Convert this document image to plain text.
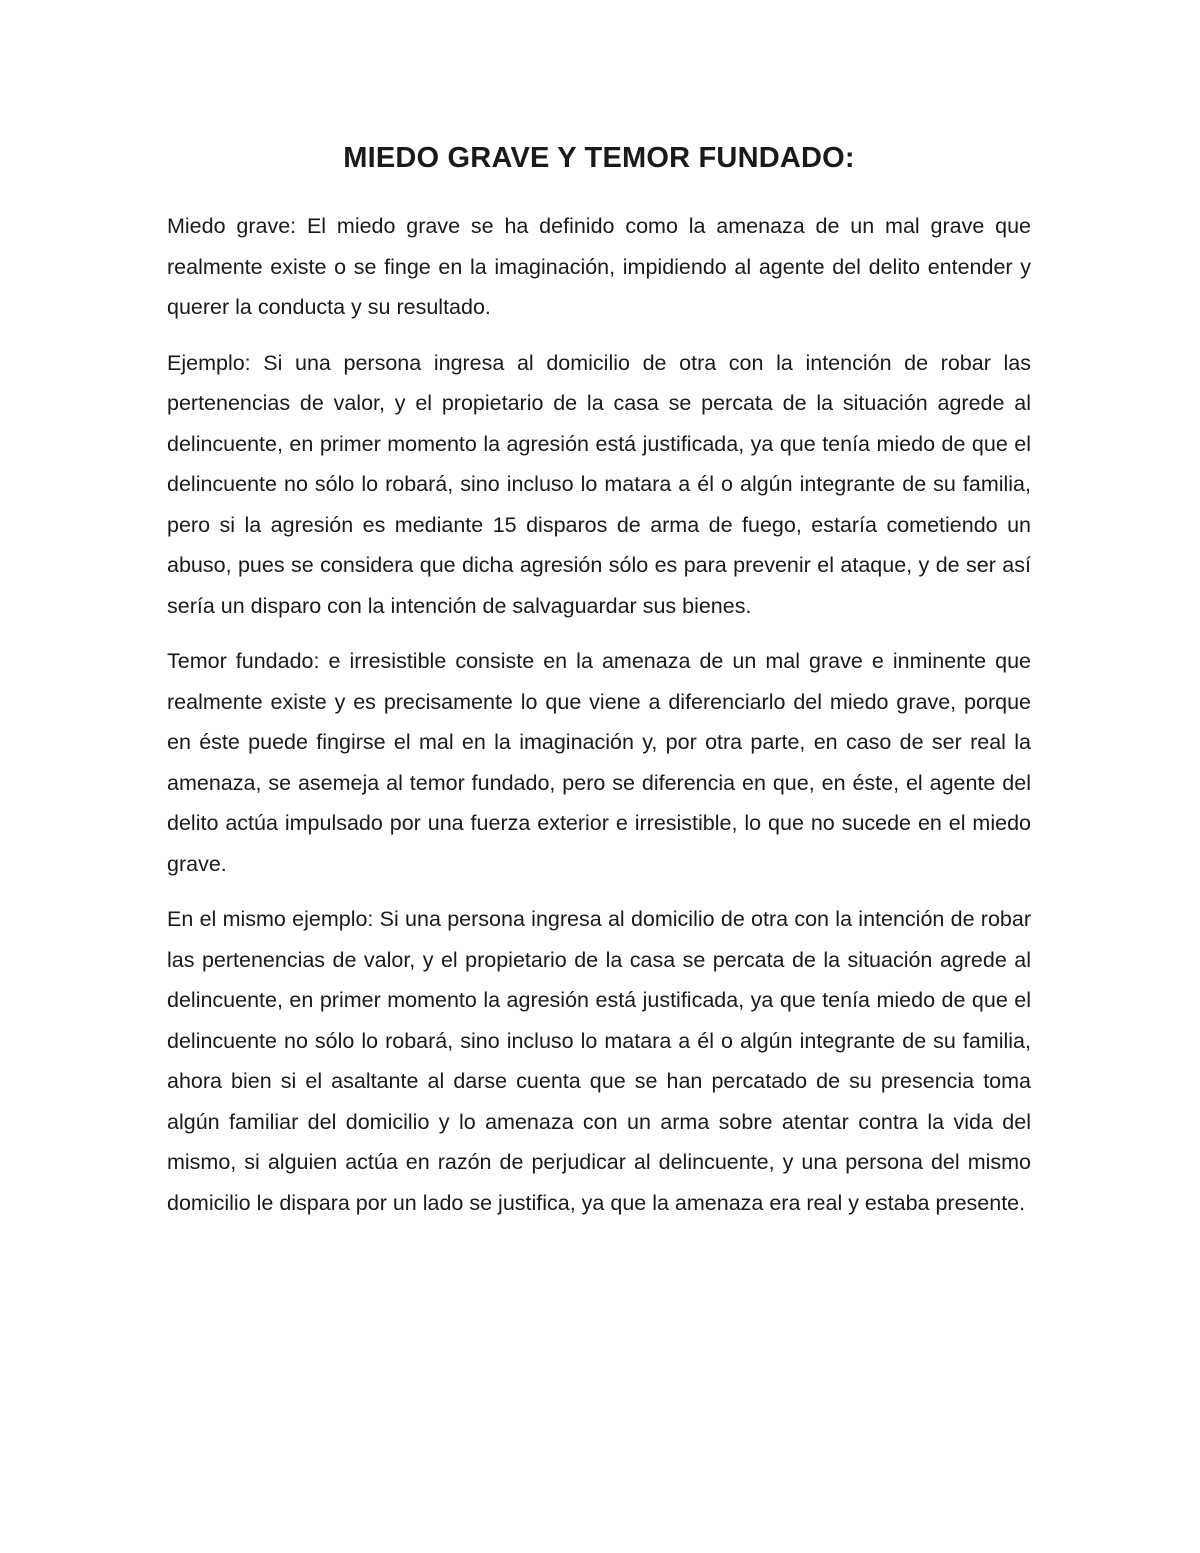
MIEDO GRAVE Y TEMOR FUNDADO:

Miedo grave: El miedo grave se ha definido como la amenaza de un mal grave que realmente existe o se finge en la imaginación, impidiendo al agente del delito entender y querer la conducta y su resultado.

Ejemplo: Si una persona ingresa al domicilio de otra con la intención de robar las pertenencias de valor, y el propietario de la casa se percata de la situación agrede al delincuente, en primer momento la agresión está justificada, ya que tenía miedo de que el delincuente no sólo lo robará, sino incluso lo matara a él o algún integrante de su familia, pero si la agresión es mediante 15 disparos de arma de fuego, estaría cometiendo un abuso, pues se considera que dicha agresión sólo es para prevenir el ataque, y de ser así sería un disparo con la intención de salvaguardar sus bienes.

Temor fundado: e irresistible consiste en la amenaza de un mal grave e inminente que realmente existe y es precisamente lo que viene a diferenciarlo del miedo grave, porque en éste puede fingirse el mal en la imaginación y, por otra parte, en caso de ser real la amenaza, se asemeja al temor fundado, pero se diferencia en que, en éste, el agente del delito actúa impulsado por una fuerza exterior e irresistible, lo que no sucede en el miedo grave.

En el mismo ejemplo: Si una persona ingresa al domicilio de otra con la intención de robar las pertenencias de valor, y el propietario de la casa se percata de la situación agrede al delincuente, en primer momento la agresión está justificada, ya que tenía miedo de que el delincuente no sólo lo robará, sino incluso lo matara a él o algún integrante de su familia, ahora bien si el asaltante al darse cuenta que se han percatado de su presencia toma algún familiar del domicilio y lo amenaza con un arma sobre atentar contra la vida del mismo, si alguien actúa en razón de perjudicar al delincuente, y una persona del mismo domicilio le dispara por un lado se justifica, ya que la amenaza era real y estaba presente.
